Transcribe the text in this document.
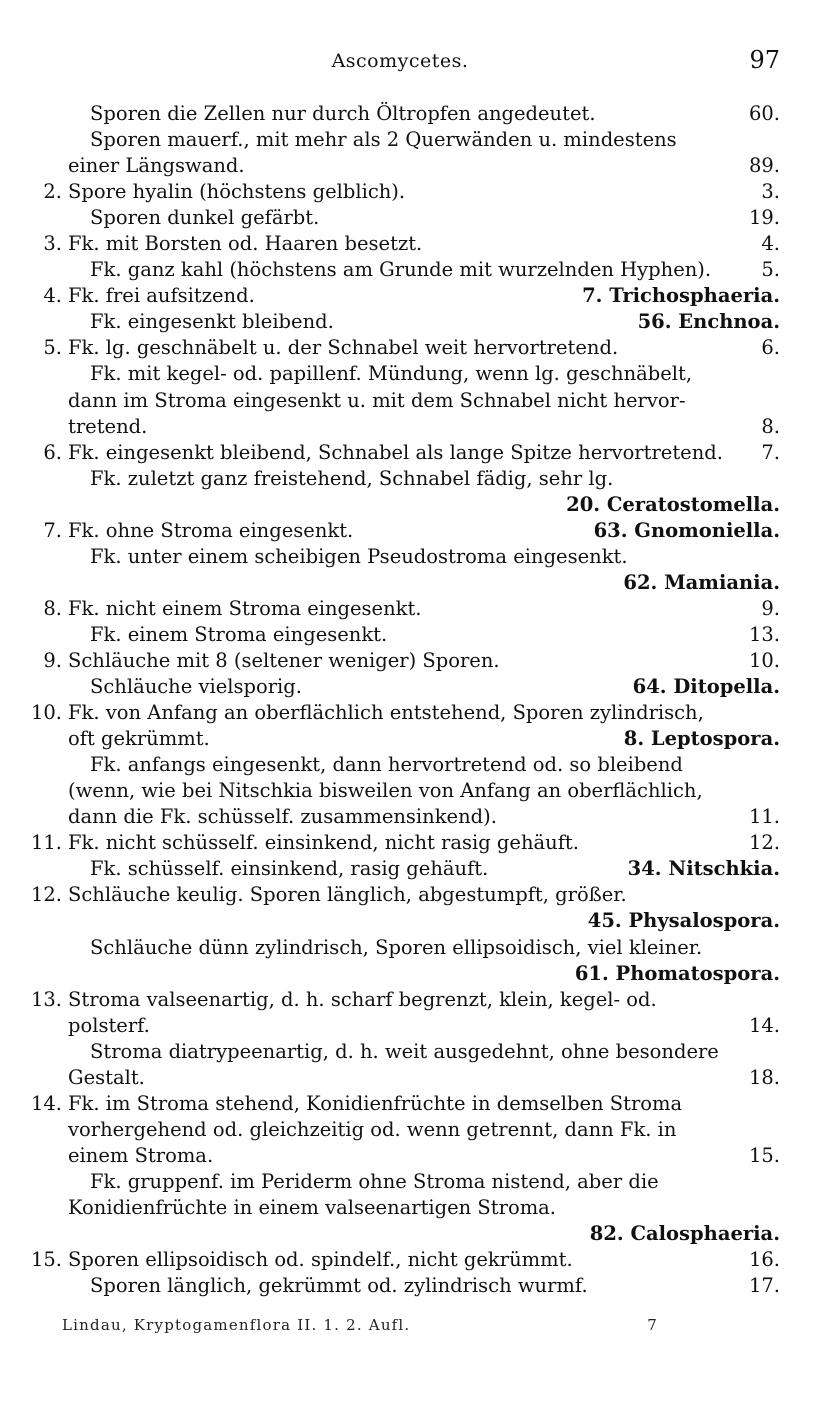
Ascomycetes.	97
Sporen die Zellen nur durch Öltropfen angedeutet.	60.
Sporen mauerf., mit mehr als 2 Querwänden u. mindestens
einer Längswand.	89.
2. Spore hyalin (höchstens gelblich).	3.
Sporen dunkel gefärbt.	19.
3. Fk. mit Borsten od. Haaren besetzt.	4.
Fk. ganz kahl (höchstens am Grunde mit wurzelnden Hyphen).	5.
4. Fk. frei aufsitzend.	7. Trichosphaeria.
Fk. eingesenkt bleibend.	56. Enchnoa.
5. Fk. lg. geschnäbelt u. der Schnabel weit hervortretend.	6.
Fk. mit kegel- od. papillenf. Mündung, wenn lg. geschnäbelt,
dann im Stroma eingesenkt u. mit dem Schnabel nicht hervor-
tretend.	8.
6. Fk. eingesenkt bleibend, Schnabel als lange Spitze hervortretend.	7.
Fk. zuletzt ganz freistehend, Schnabel fädig, sehr lg.
20. Ceratostomella.
7. Fk. ohne Stroma eingesenkt.	63. Gnomoniella.
Fk. unter einem scheibigen Pseudostroma eingesenkt.
62. Mamiania.
8. Fk. nicht einem Stroma eingesenkt.	9.
Fk. einem Stroma eingesenkt.	13.
9. Schläuche mit 8 (seltener weniger) Sporen.	10.
Schläuche vielsporig.	64. Ditopella.
10. Fk. von Anfang an oberflächlich entstehend, Sporen zylindrisch,
oft gekrümmt.	8. Leptospora.
Fk. anfangs eingesenkt, dann hervortretend od. so bleibend
(wenn, wie bei Nitschkia bisweilen von Anfang an oberflächlich,
dann die Fk. schüsself. zusammensinkend).	11.
11. Fk. nicht schüsself. einsinkend, nicht rasig gehäuft.	12.
Fk. schüsself. einsinkend, rasig gehäuft.	34. Nitschkia.
12. Schläuche keulig. Sporen länglich, abgestumpft, größer.
45. Physalospora.
Schläuche dünn zylindrisch, Sporen ellipsoidisch, viel kleiner.
61. Phomatospora.
13. Stroma valseenartig, d. h. scharf begrenzt, klein, kegel- od.
polsterf.	14.
Stroma diatrypeenartig, d. h. weit ausgedehnt, ohne besondere
Gestalt.	18.
14. Fk. im Stroma stehend, Konidienfrüchte in demselben Stroma
vorhergehend od. gleichzeitig od. wenn getrennt, dann Fk. in
einem Stroma.	15.
Fk. gruppenf. im Periderm ohne Stroma nistend, aber die
Konidienfrüchte in einem valseenartigen Stroma.
82. Calosphaeria.
15. Sporen ellipsoidisch od. spindelf., nicht gekrümmt.	16.
Sporen länglich, gekrümmt od. zylindrisch wurmf.	17.
Lindau, Kryptogamenflora II. 1. 2. Aufl.	7
